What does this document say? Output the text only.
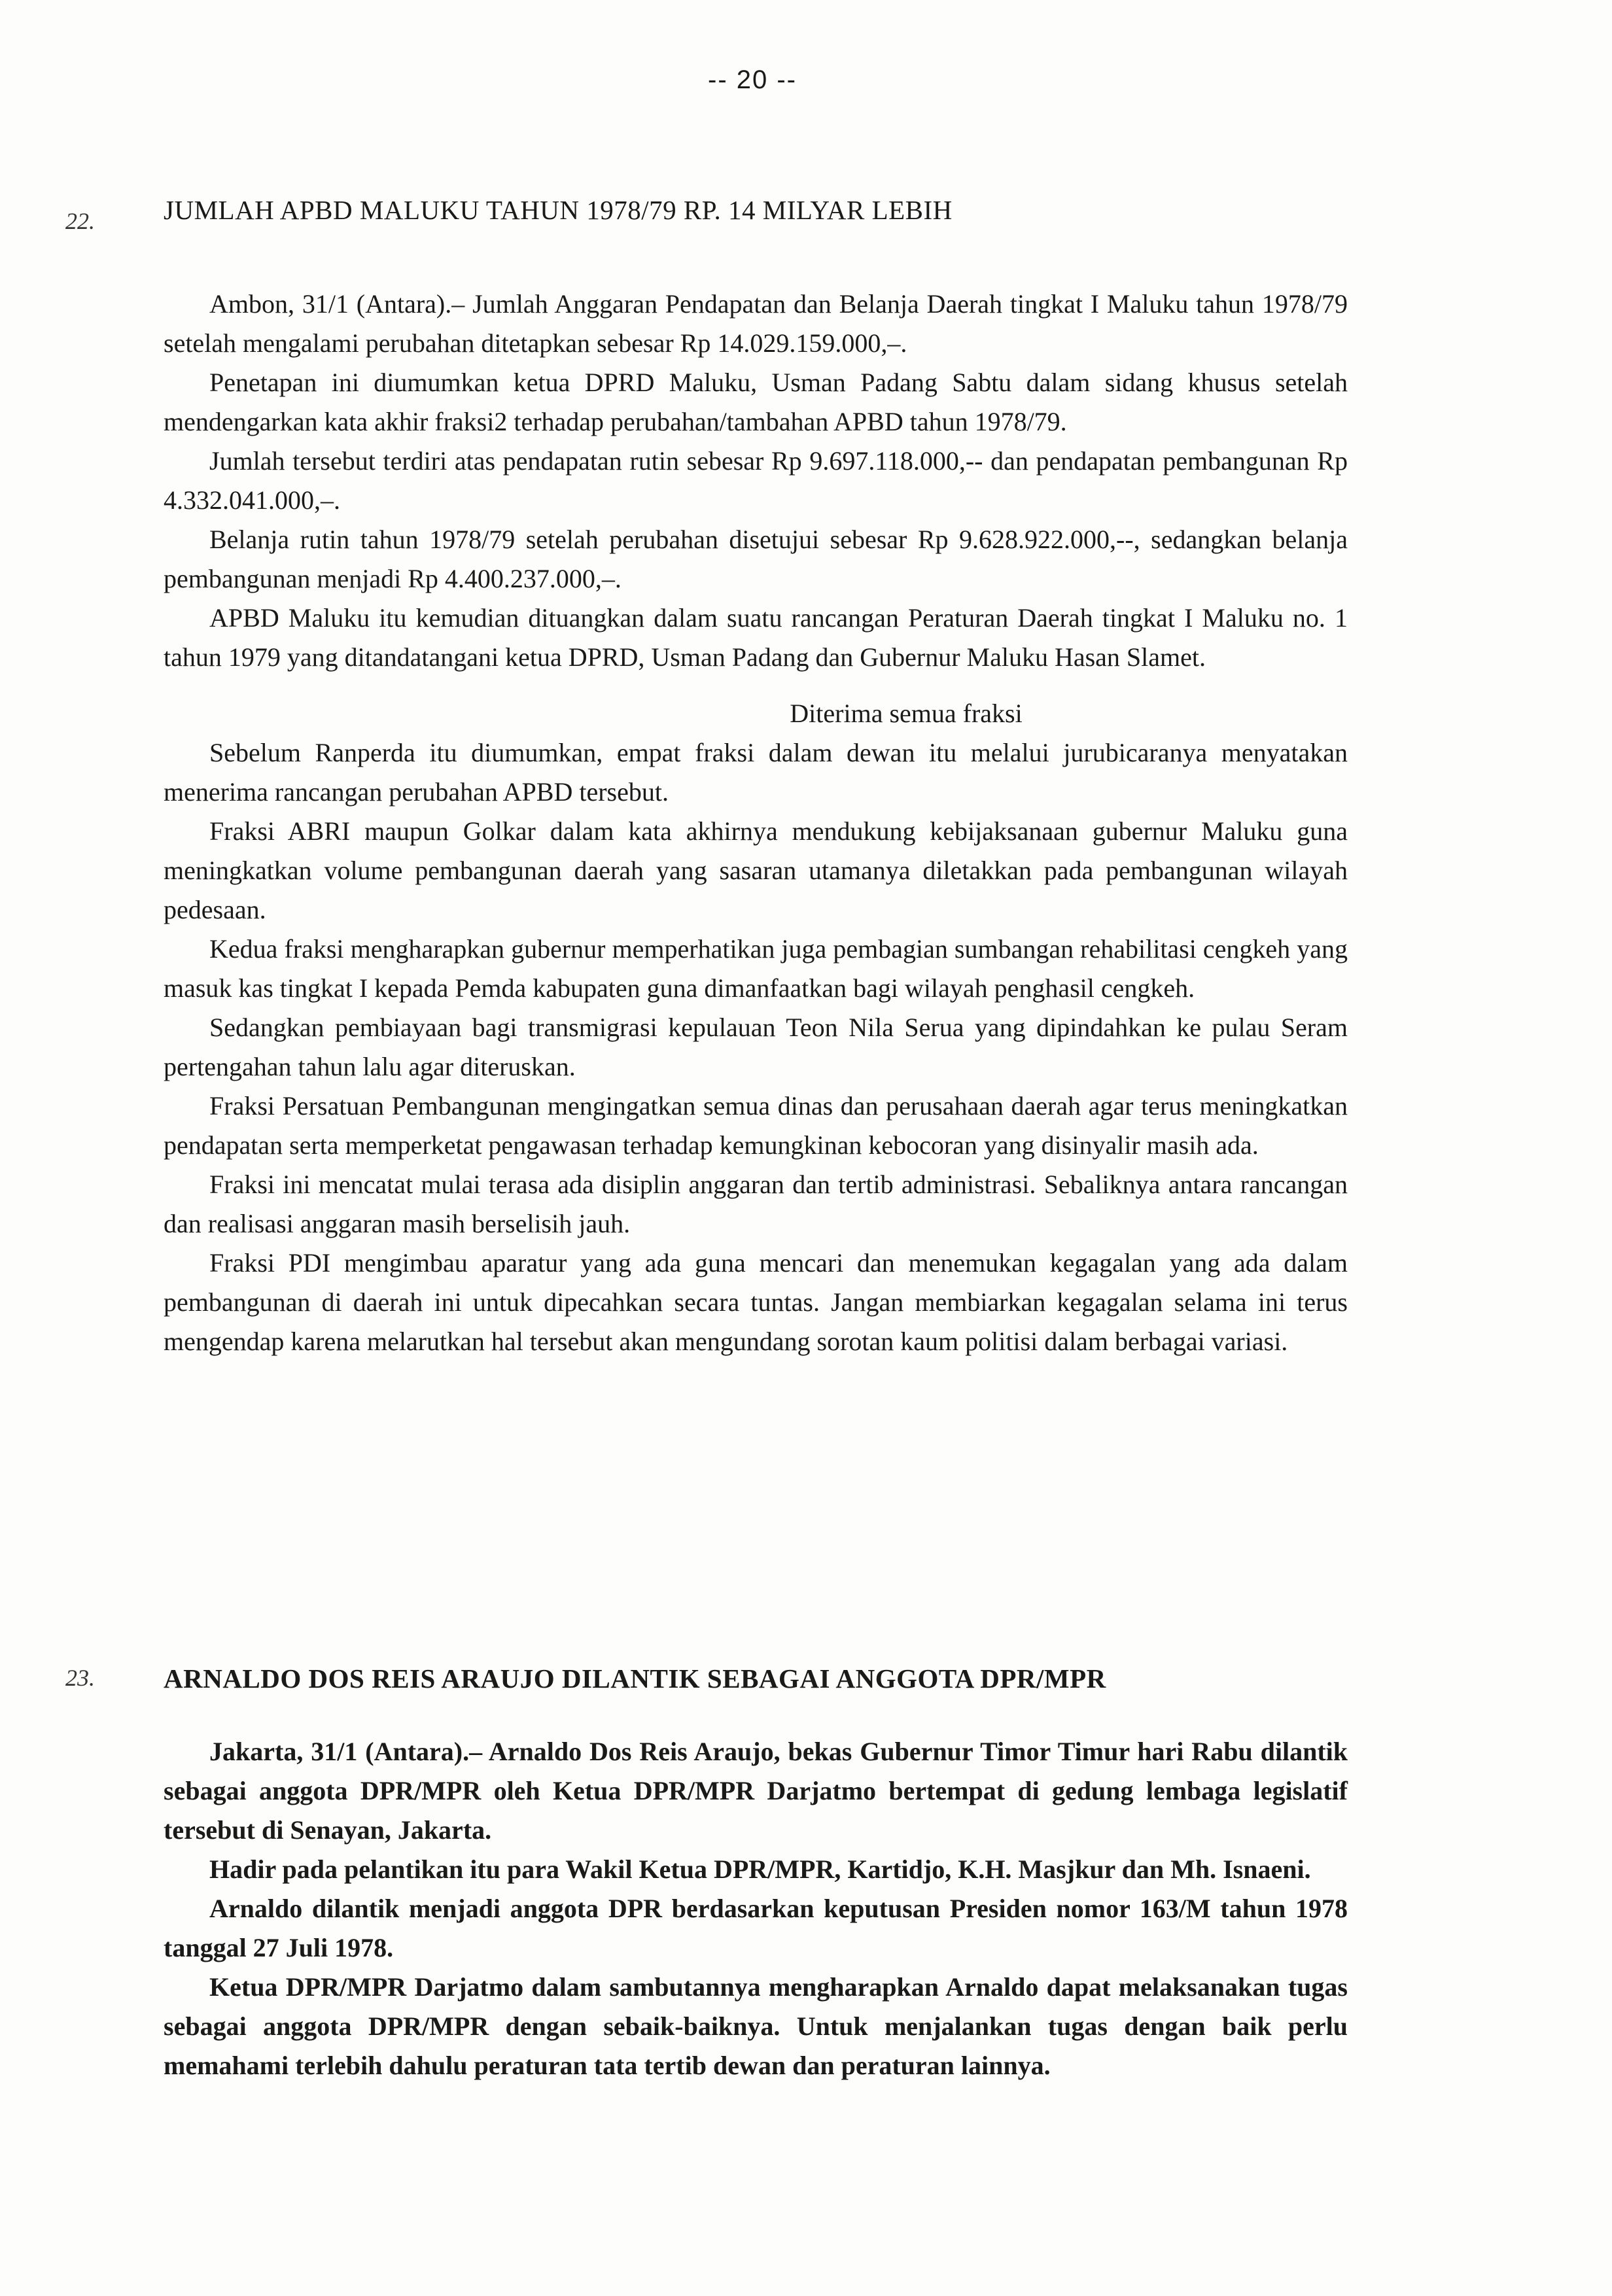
-- 20 --
22.	JUMLAH APBD MALUKU TAHUN 1978/79 RP. 14 MILYAR LEBIH

Ambon, 31/1 (Antara).– Jumlah Anggaran Pendapatan dan Belanja Daerah tingkat I Maluku tahun 1978/79 setelah mengalami perubahan ditetapkan sebesar Rp 14.029.159.000,–.

Penetapan ini diumumkan ketua DPRD Maluku, Usman Padang Sabtu dalam sidang khusus setelah mendengarkan kata akhir fraksi2 terhadap perubahan/tambahan APBD tahun 1978/79.

Jumlah tersebut terdiri atas pendapatan rutin sebesar Rp 9.697.118.000,-- dan pendapatan pembangunan Rp 4.332.041.000,–.

Belanja rutin tahun 1978/79 setelah perubahan disetujui sebesar Rp 9.628.922.000,--, sedangkan belanja pembangunan menjadi Rp 4.400.237.000,–.

APBD Maluku itu kemudian dituangkan dalam suatu rancangan Peraturan Daerah tingkat I Maluku no. 1 tahun 1979 yang ditandatangani ketua DPRD, Usman Padang dan Gubernur Maluku Hasan Slamet.

Diterima semua fraksi

Sebelum Ranperda itu diumumkan, empat fraksi dalam dewan itu melalui jurubicaranya menyatakan menerima rancangan perubahan APBD tersebut.

Fraksi ABRI maupun Golkar dalam kata akhirnya mendukung kebijaksanaan gubernur Maluku guna meningkatkan volume pembangunan daerah yang sasaran utamanya diletakkan pada pembangunan wilayah pedesaan.

Kedua fraksi mengharapkan gubernur memperhatikan juga pembagian sumbangan rehabilitasi cengkeh yang masuk kas tingkat I kepada Pemda kabupaten guna dimanfaatkan bagi wilayah penghasil cengkeh.

Sedangkan pembiayaan bagi transmigrasi kepulauan Teon Nila Serua yang dipindahkan ke pulau Seram pertengahan tahun lalu agar diteruskan.

Fraksi Persatuan Pembangunan mengingatkan semua dinas dan perusahaan daerah agar terus meningkatkan pendapatan serta memperketat pengawasan terhadap kemungkinan kebocoran yang disinyalir masih ada.

Fraksi ini mencatat mulai terasa ada disiplin anggaran dan tertib administrasi. Sebaliknya antara rancangan dan realisasi anggaran masih berselisih jauh.

Fraksi PDI mengimbau aparatur yang ada guna mencari dan menemukan kegagalan yang ada dalam pembangunan di daerah ini untuk dipecahkan secara tuntas. Jangan membiarkan kegagalan selama ini terus mengendap karena melarutkan hal tersebut akan mengundang sorotan kaum politisi dalam berbagai variasi.

23.	ARNALDO DOS REIS ARAUJO DILANTIK SEBAGAI ANGGOTA DPR/MPR

Jakarta, 31/1 (Antara).– Arnaldo Dos Reis Araujo, bekas Gubernur Timor Timur hari Rabu dilantik sebagai anggota DPR/MPR oleh Ketua DPR/MPR Darjatmo bertempat di gedung lembaga legislatif tersebut di Senayan, Jakarta.

Hadir pada pelantikan itu para Wakil Ketua DPR/MPR, Kartidjo, K.H. Masjkur dan Mh. Isnaeni.

Arnaldo dilantik menjadi anggota DPR berdasarkan keputusan Presiden nomor 163/M tahun 1978 tanggal 27 Juli 1978.

Ketua DPR/MPR Darjatmo dalam sambutannya mengharapkan Arnaldo dapat melaksanakan tugas sebagai anggota DPR/MPR dengan sebaik-baiknya. Untuk menjalankan tugas dengan baik perlu memahami terlebih dahulu peraturan tata tertib dewan dan peraturan lainnya.
